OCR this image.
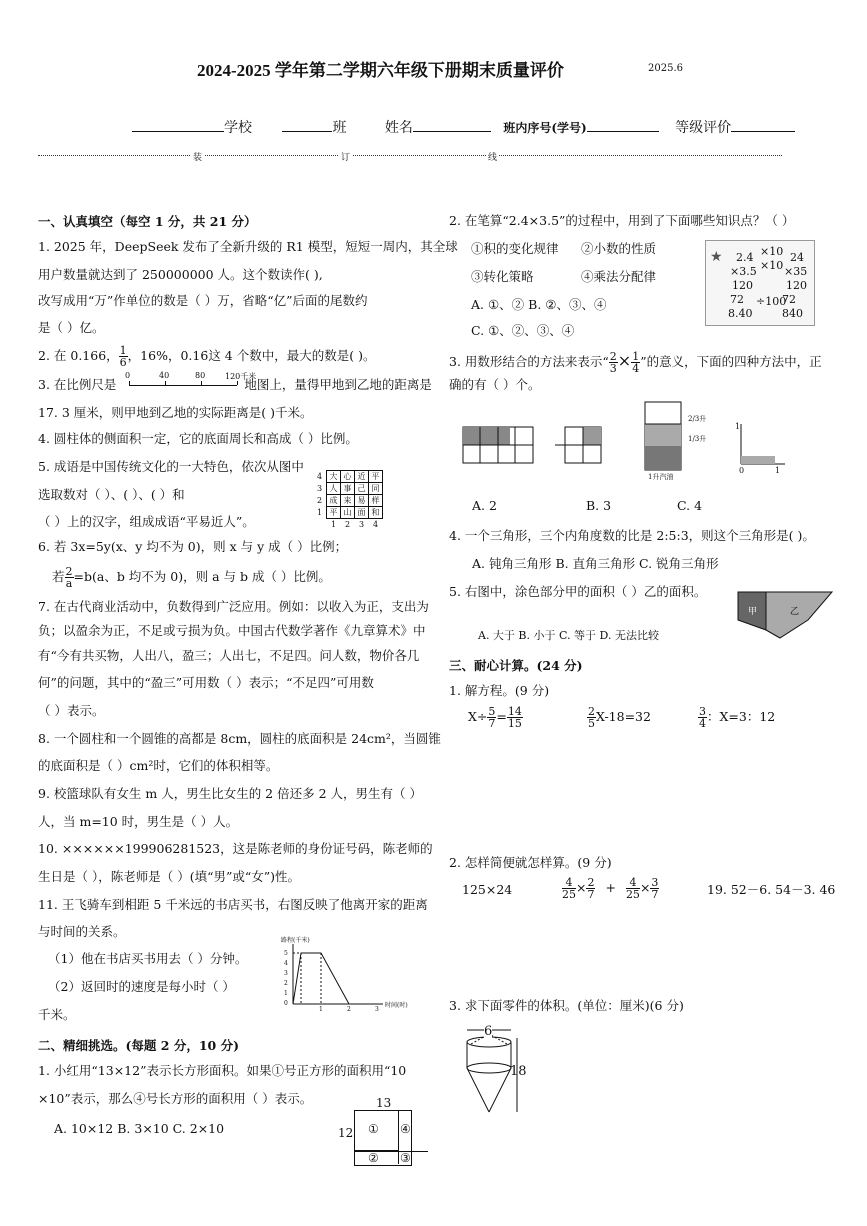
2024-2025 学年第二学期六年级下册期末质量评价	2025.6
学校	班	姓名	班内序号(学号)	等级评价
装	订	线
一、认真填空（每空 1 分，共 21 分）
1. 2025 年，DeepSeek 发布了全新升级的 R1 模型，短短一周内，其全球
用户数量就达到了 250000000 人。这个数读作( ),
改写成用“万”作单位的数是（ ）万，省略“亿”后面的尾数约
是（ ）亿。
2. 在 0.166， $\frac{1}{6}$ ，16%，0.16̇这 4 个数中，最大的数是( )。
3. 在比例尺是	地图上，量得甲地到乙地的距离是
0	40	80 120千米
17. 3 厘米，则甲地到乙地的实际距离是( )千米。
4. 圆柱体的侧面积一定，它的底面周长和高成（ ）比例。
5. 成语是中国传统文化的一大特色，依次从图中
选取数对（ ）、( ）、( ）和
（ ）上的汉字，组成成语“平易近人”。
4	大	心	近	平
3	人	事	己	同
2	成	来	易	样
1	平	山	面	和
	1	2	3	4
6. 若 3x=5y(x、y 均不为 0)，则 x 与 y 成（ ）比例；
若 $\frac{2}{a} =b(a$、b 均不为 0)，则 a 与 b 成（ ）比例。
7. 在古代商业活动中，负数得到广泛应用。例如：以收入为正，支出为
负；以盈余为正，不足或亏损为负。中国古代数学著作《九章算术》中
有“今有共买物，人出八，盈三；人出七，不足四。问人数，物价各几
何”的问题，其中的“盈三”可用数（ ）表示；“不足四”可用数
（ ）表示。
8. 一个圆柱和一个圆锥的高都是 8cm，圆柱的底面积是 24cm²，当圆锥
的底面积是（ ）cm²时，它们的体积相等。
9. 校篮球队有女生 m 人，男生比女生的 2 倍还多 2 人，男生有（ ）
人，当 m=10 时，男生是（ ）人。
10. ××××××199906281523，这是陈老师的身份证号码，陈老师的
生日是（ ），陈老师是（ ）(填“男”或“女”)性。
11. 王飞骑车到相距 5 千米远的书店买书，右图反映了他离开家的距离
与时间的关系。
（1）他在书店买书用去（ ）分钟。
（2）返回时的速度是每小时（ ）
千米。
路程(千米)
5
4
3
2
1
0
1	2	3
时间(时)
二、精细挑选。(每题 2 分，10 分)
1. 小红用“13×12”表示长方形面积。如果①号正方形的面积用“10
×10”表示，那么④号长方形的面积用（ ）表示。
A. 10×12 B. 3×10 C. 2×10
13
12 ① ④
② ③
2. 在笔算“2.4×3.5”的过程中，用到了下面哪些知识点？（ ）
①积的变化规律 ②小数的性质
③转化策略	④乘法分配律
A. ①、② B. ②、③、④
C. ①、②、③、④
★ 2.4
×3.5
120
72
8.40
×10
×10
÷100
24
×35
120
72
840
3. 用数形结合的方法来表示“ $\frac{2}{3} \times \frac{1}{4}$ ”的意义，下面的四种方法中，正
确的有（ ）个。
2/3升
1/3升
1升汽油
1
0	1
A. 2	B. 3	C. 4
4. 一个三角形，三个内角度数的比是 2:5:3，则这个三角形是( )。
A. 钝角三角形 B. 直角三角形 C. 锐角三角形
5. 右图中，涂色部分甲的面积（ ）乙的面积。
A. 大于 B. 小于 C. 等于 D. 无法比较
甲	乙
三、耐心计算。(24 分)
1. 解方程。(9 分)
$X\div \frac{5}{7} = \frac{14}{15}$	$\frac{2}{5} X-18=32$	$\frac{3}{4}$ ：X=3：12
2. 怎样简便就怎样算。(9 分)
125×24	$\frac{4}{25} \times \frac{2}{7} + \frac{4}{25} \times \frac{3}{7}$	19. 52－6. 54－3. 46
3. 求下面零件的体积。(单位：厘米)(6 分)
6
18
